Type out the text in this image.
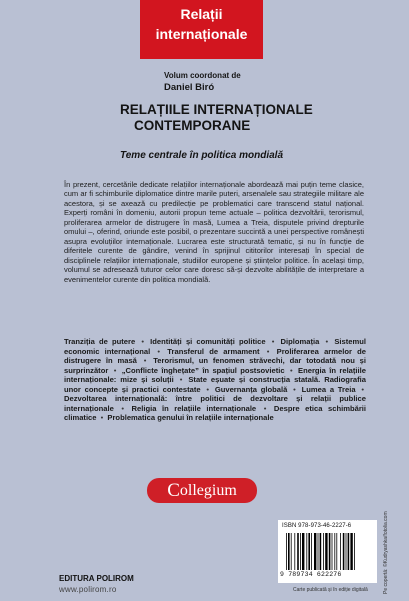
Relații
internaționale
Volum coordonat de
Daniel Biró
RELAȚIILE INTERNAȚIONALE
CONTEMPORANE
Teme centrale în politica mondială

În prezent, cercetările dedicate relațiilor internaționale abordează mai puțin teme clasice, cum ar fi schimburile diplomatice dintre marile puteri, arsenalele sau strategiile militare ale acestora, și se axează cu predilecție pe problematici care transcend statul național. Experți români în domeniu, autorii propun teme actuale – politica dezvoltării, terorismul, proliferarea armelor de distrugere în masă, Lumea a Treia, disputele privind drepturile omului –, oferind, oriunde este posibil, o prezentare succintă a unei perspective românești asupra evoluțiilor internaționale. Lucrarea este structurată tematic, și nu în funcție de diferitele curente de gândire, venind în sprijinul cititorilor interesați în special de disciplinele relațiilor internaționale, studiilor europene și științelor politice. În același timp, volumul se adresează tuturor celor care doresc să-și dezvolte abilitățile de interpretare a evenimentelor curente din politica mondială.

Tranziția de putere • Identități și comunități politice • Diplomația • Sistemul economic internațional • Transferul de armament • Proliferarea armelor de distrugere în masă • Terorismul, un fenomen străvechi, dar totodată nou și surprinzător • „Conflicte înghețate” în spațiul postsovietic • Energia în relațiile internaționale: mize și soluții • State eșuate și construcția statală. Radiografia unor concepte și practici contestate • Guvernanța globală • Lumea a Treia • Dezvoltarea internațională: între politici de dezvoltare și relații publice internaționale • Religia în relațiile internaționale • Despre etica schimbării climatice • Problematica genului în relațiile internaționale
C ollegium
ISBN 978-973-46-2227-6
9 789734 622276
Carte publicată și în ediție digitală
EDITURA POLIROM
www.polirom.ro	Pe copertă: ©Kudryashka/fotolia.com
